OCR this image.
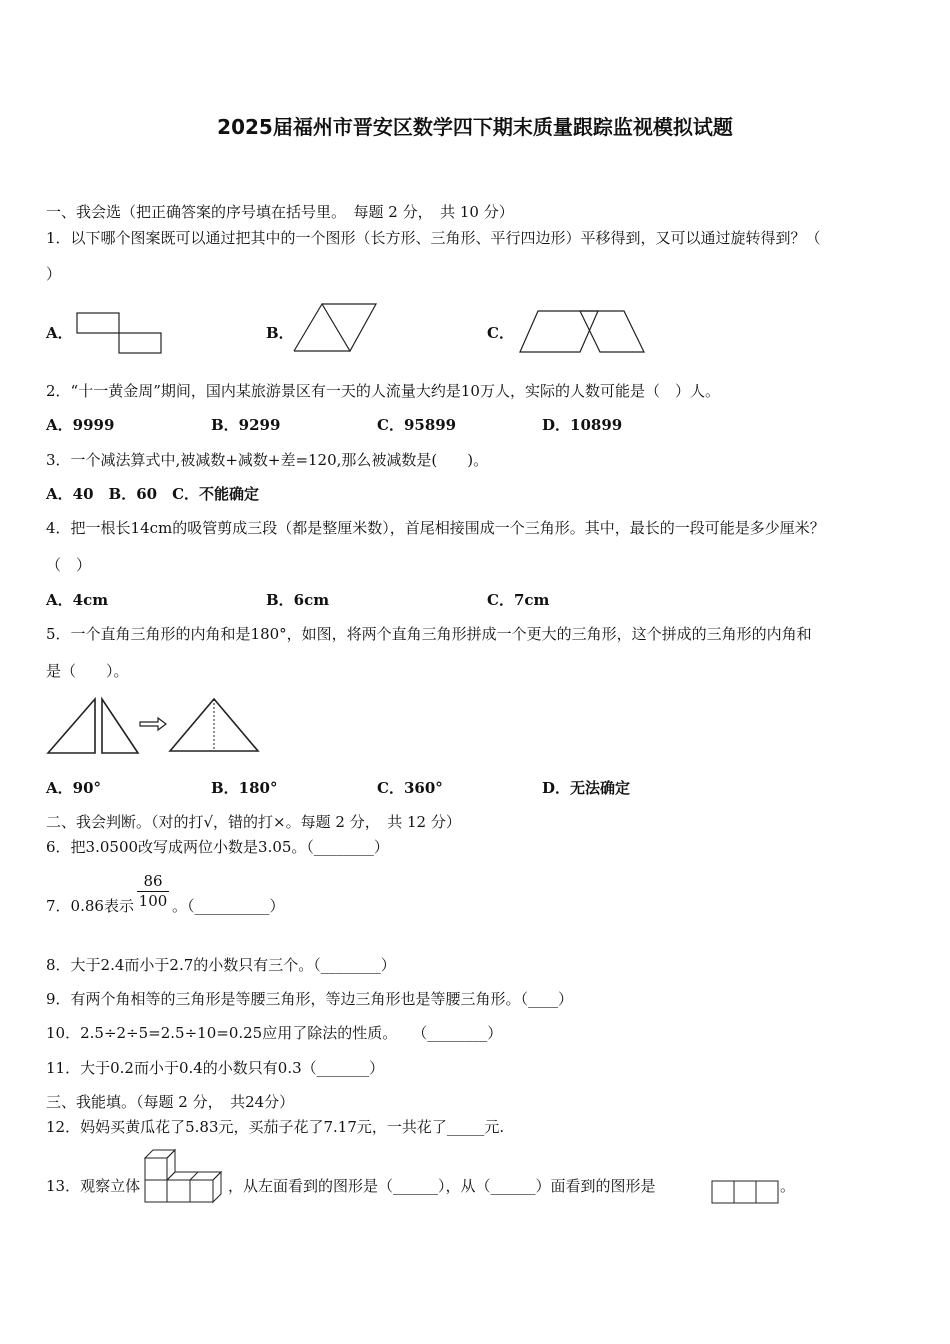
2025届福州市晋安区数学四下期末质量跟踪监视模拟试题
一、我会选（把正确答案的序号填在括号里。　每题 2 分，　共 10 分）
1．以下哪个图案既可以通过把其中的一个图形（长方形、三角形、平行四边形）平移得到，又可以通过旋转得到？（
）
A．	B．	C．
2．“十一黄金周”期间，国内某旅游景区有一天的人流量大约是10万人，实际的人数可能是（　）人。
A．9999	B．9299	C．95899	D．10899
3．一个减法算式中,被减数+减数+差=120,那么被减数是(　　)。
A．40　B．60　C．不能确定
4．把一根长14cm的吸管剪成三段（都是整厘米数），首尾相接围成一个三角形。其中，最长的一段可能是多少厘米？
（　）
A．4cm	B．6cm	C．7cm
5．一个直角三角形的内角和是180°，如图，将两个直角三角形拼成一个更大的三角形，这个拼成的三角形的内角和
是（　　）。
A．90°	B．180°	C．360°	D．无法确定
二、我会判断。（对的打√，错的打×。每题 2 分，　共 12 分）
6．把3.0500改写成两位小数是3.05。（________）
7．0.86表示 $\frac{86}{100}$ 。（__________）
8．大于2.4而小于2.7的小数只有三个。（________）
9．有两个角相等的三角形是等腰三角形，等边三角形也是等腰三角形。（____）
10．2.5÷2÷5=2.5÷10=0.25应用了除法的性质。　　（________）
11．大于0.2而小于0.4的小数只有0.3（_______）
三、我能填。（每题 2 分，　共24分）
12．妈妈买黄瓜花了5.83元，买茄子花了7.17元，一共花了_____元.
13．观察立体	，从左面看到的图形是（______），从（______）面看到的图形是	。
